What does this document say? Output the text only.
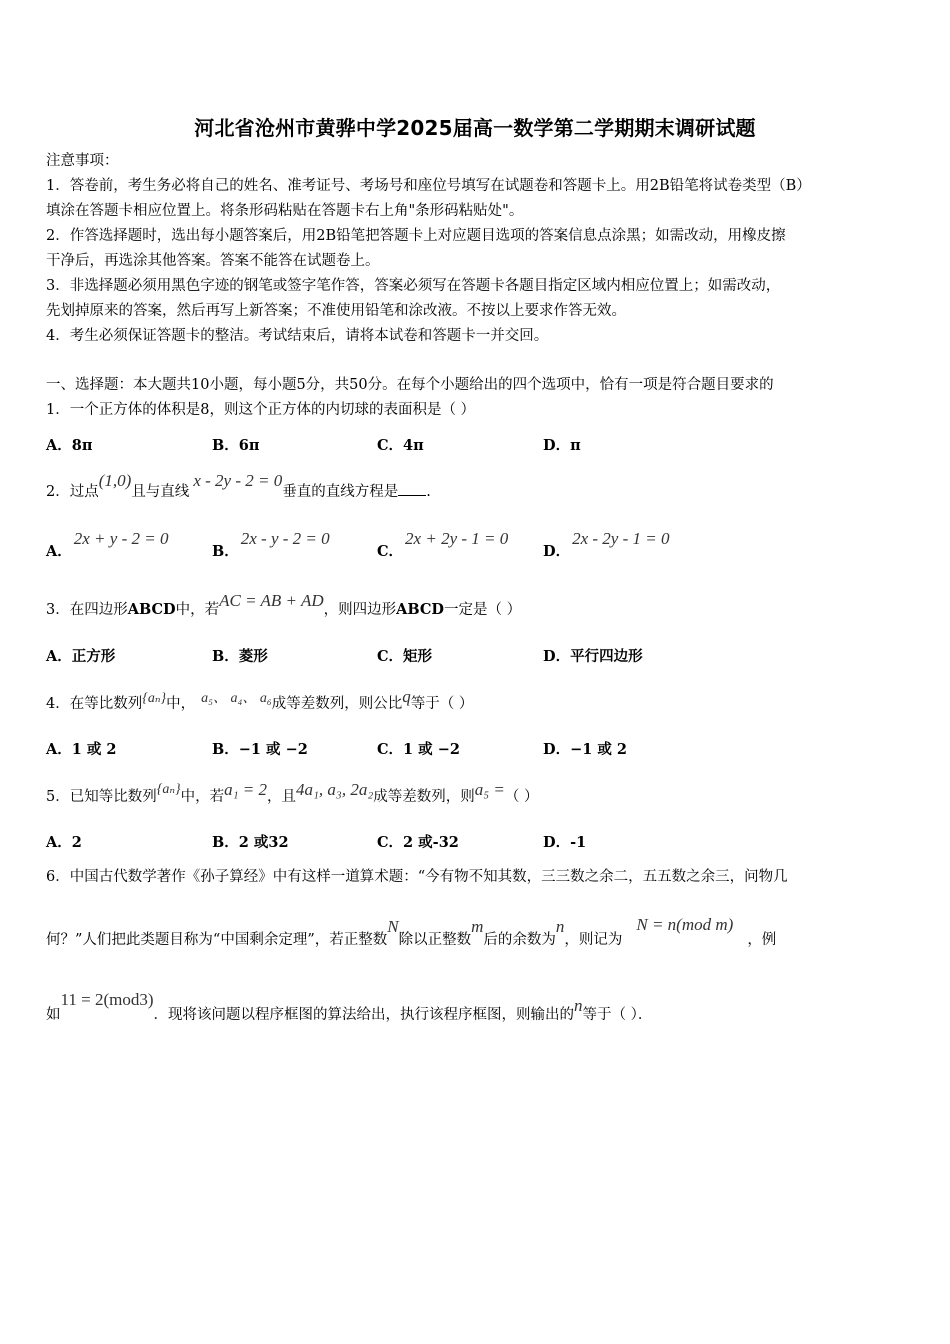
河北省沧州市黄骅中学2025届高一数学第二学期期末调研试题
注意事项：
1．答卷前，考生务必将自己的姓名、准考证号、考场号和座位号填写在试题卷和答题卡上。用2B铅笔将试卷类型（B）
填涂在答题卡相应位置上。将条形码粘贴在答题卡右上角"条形码粘贴处"。
2．作答选择题时，选出每小题答案后，用2B铅笔把答题卡上对应题目选项的答案信息点涂黑；如需改动，用橡皮擦
干净后，再选涂其他答案。答案不能答在试题卷上。
3．非选择题必须用黑色字迹的钢笔或签字笔作答，答案必须写在答题卡各题目指定区域内相应位置上；如需改动，
先划掉原来的答案，然后再写上新答案；不准使用铅笔和涂改液。不按以上要求作答无效。
4．考生必须保证答题卡的整洁。考试结束后，请将本试卷和答题卡一并交回。
一、选择题：本大题共10小题，每小题5分，共50分。在每个小题给出的四个选项中，恰有一项是符合题目要求的
1．一个正方体的体积是8，则这个正方体的内切球的表面积是（ ）
A．8π	B．6π	C．4π	D．π
2．过点(1,0)且与直线x - 2y - 2 = 0垂直的直线方程是 .
A．2x + y - 2 = 0
B．2x - y - 2 = 0
C．2x + 2y - 1 = 0
D．2x - 2y - 1 = 0
3．在四边形ABCD中，若AC = AB + AD，则四边形ABCD一定是（ ）
A．正方形	B．菱形	C．矩形	D．平行四边形
4．在等比数列{aₙ}中， a₅、 a₄、 a₆成等差数列，则公比q等于（ ）
A．1 或 2	B．−1 或 −2	C．1 或 −2	D．−1 或 2
5．已知等比数列{aₙ}中，若a₁ = 2，且4a₁, a₃, 2a₂成等差数列，则a₅ =（ ）
A．2	B．2 或32	C．2 或-32	D．-1
6．中国古代数学著作《孙子算经》中有这样一道算术题：“今有物不知其数，三三数之余二，五五数之余三，问物几
何？”人们把此类题目称为“中国剩余定理”，若正整数N除以正整数m后的余数为n，则记为N = n(mod m)，例
如11 = 2(mod3)．现将该问题以程序框图的算法给出，执行该程序框图，则输出的n等于（ ）．
